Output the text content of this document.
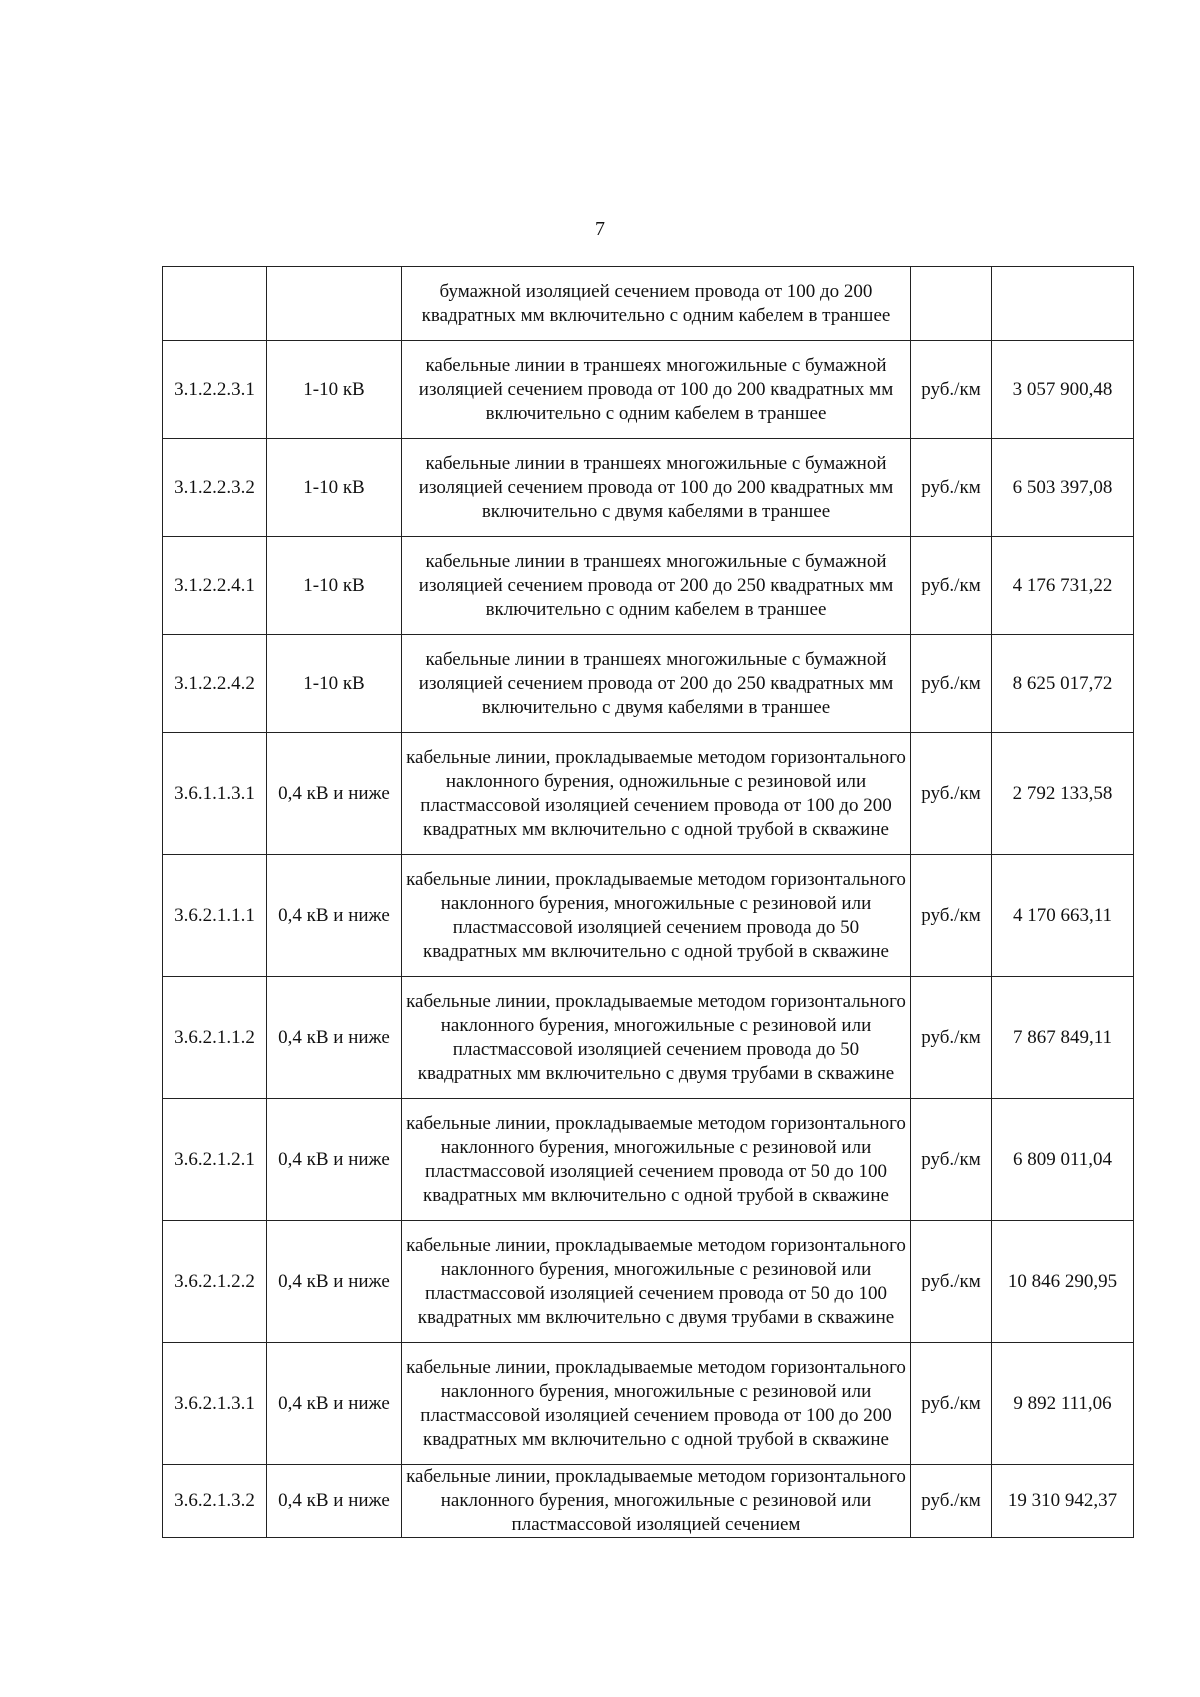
7
		бумажной изоляцией сечением провода от 100 до 200 квадратных мм включительно с одним кабелем в траншее		
3.1.2.2.3.1	1-10 кВ	кабельные линии в траншеях многожильные с бумажной изоляцией сечением провода от 100 до 200 квадратных мм включительно с одним кабелем в траншее	руб./км	3 057 900,48
3.1.2.2.3.2	1-10 кВ	кабельные линии в траншеях многожильные с бумажной изоляцией сечением провода от 100 до 200 квадратных мм включительно с двумя кабелями в траншее	руб./км	6 503 397,08
3.1.2.2.4.1	1-10 кВ	кабельные линии в траншеях многожильные с бумажной изоляцией сечением провода от 200 до 250 квадратных мм включительно с одним кабелем в траншее	руб./км	4 176 731,22
3.1.2.2.4.2	1-10 кВ	кабельные линии в траншеях многожильные с бумажной изоляцией сечением провода от 200 до 250 квадратных мм включительно с двумя кабелями в траншее	руб./км	8 625 017,72
3.6.1.1.3.1	0,4 кВ и ниже	кабельные линии, прокладываемые методом горизонтального наклонного бурения, одножильные с резиновой или пластмассовой изоляцией сечением провода от 100 до 200 квадратных мм включительно с одной трубой в скважине	руб./км	2 792 133,58
3.6.2.1.1.1	0,4 кВ и ниже	кабельные линии, прокладываемые методом горизонтального наклонного бурения, многожильные с резиновой или пластмассовой изоляцией сечением провода до 50 квадратных мм включительно с одной трубой в скважине	руб./км	4 170 663,11
3.6.2.1.1.2	0,4 кВ и ниже	кабельные линии, прокладываемые методом горизонтального наклонного бурения, многожильные с резиновой или пластмассовой изоляцией сечением провода до 50 квадратных мм включительно с двумя трубами в скважине	руб./км	7 867 849,11
3.6.2.1.2.1	0,4 кВ и ниже	кабельные линии, прокладываемые методом горизонтального наклонного бурения, многожильные с резиновой или пластмассовой изоляцией сечением провода от 50 до 100 квадратных мм включительно с одной трубой в скважине	руб./км	6 809 011,04
3.6.2.1.2.2	0,4 кВ и ниже	кабельные линии, прокладываемые методом горизонтального наклонного бурения, многожильные с резиновой или пластмассовой изоляцией сечением провода от 50 до 100 квадратных мм включительно с двумя трубами в скважине	руб./км	10 846 290,95
3.6.2.1.3.1	0,4 кВ и ниже	кабельные линии, прокладываемые методом горизонтального наклонного бурения, многожильные с резиновой или пластмассовой изоляцией сечением провода от 100 до 200 квадратных мм включительно с одной трубой в скважине	руб./км	9 892 111,06
3.6.2.1.3.2	0,4 кВ и ниже	кабельные линии, прокладываемые методом горизонтального наклонного бурения, многожильные с резиновой или пластмассовой изоляцией сечением	руб./км	19 310 942,37
